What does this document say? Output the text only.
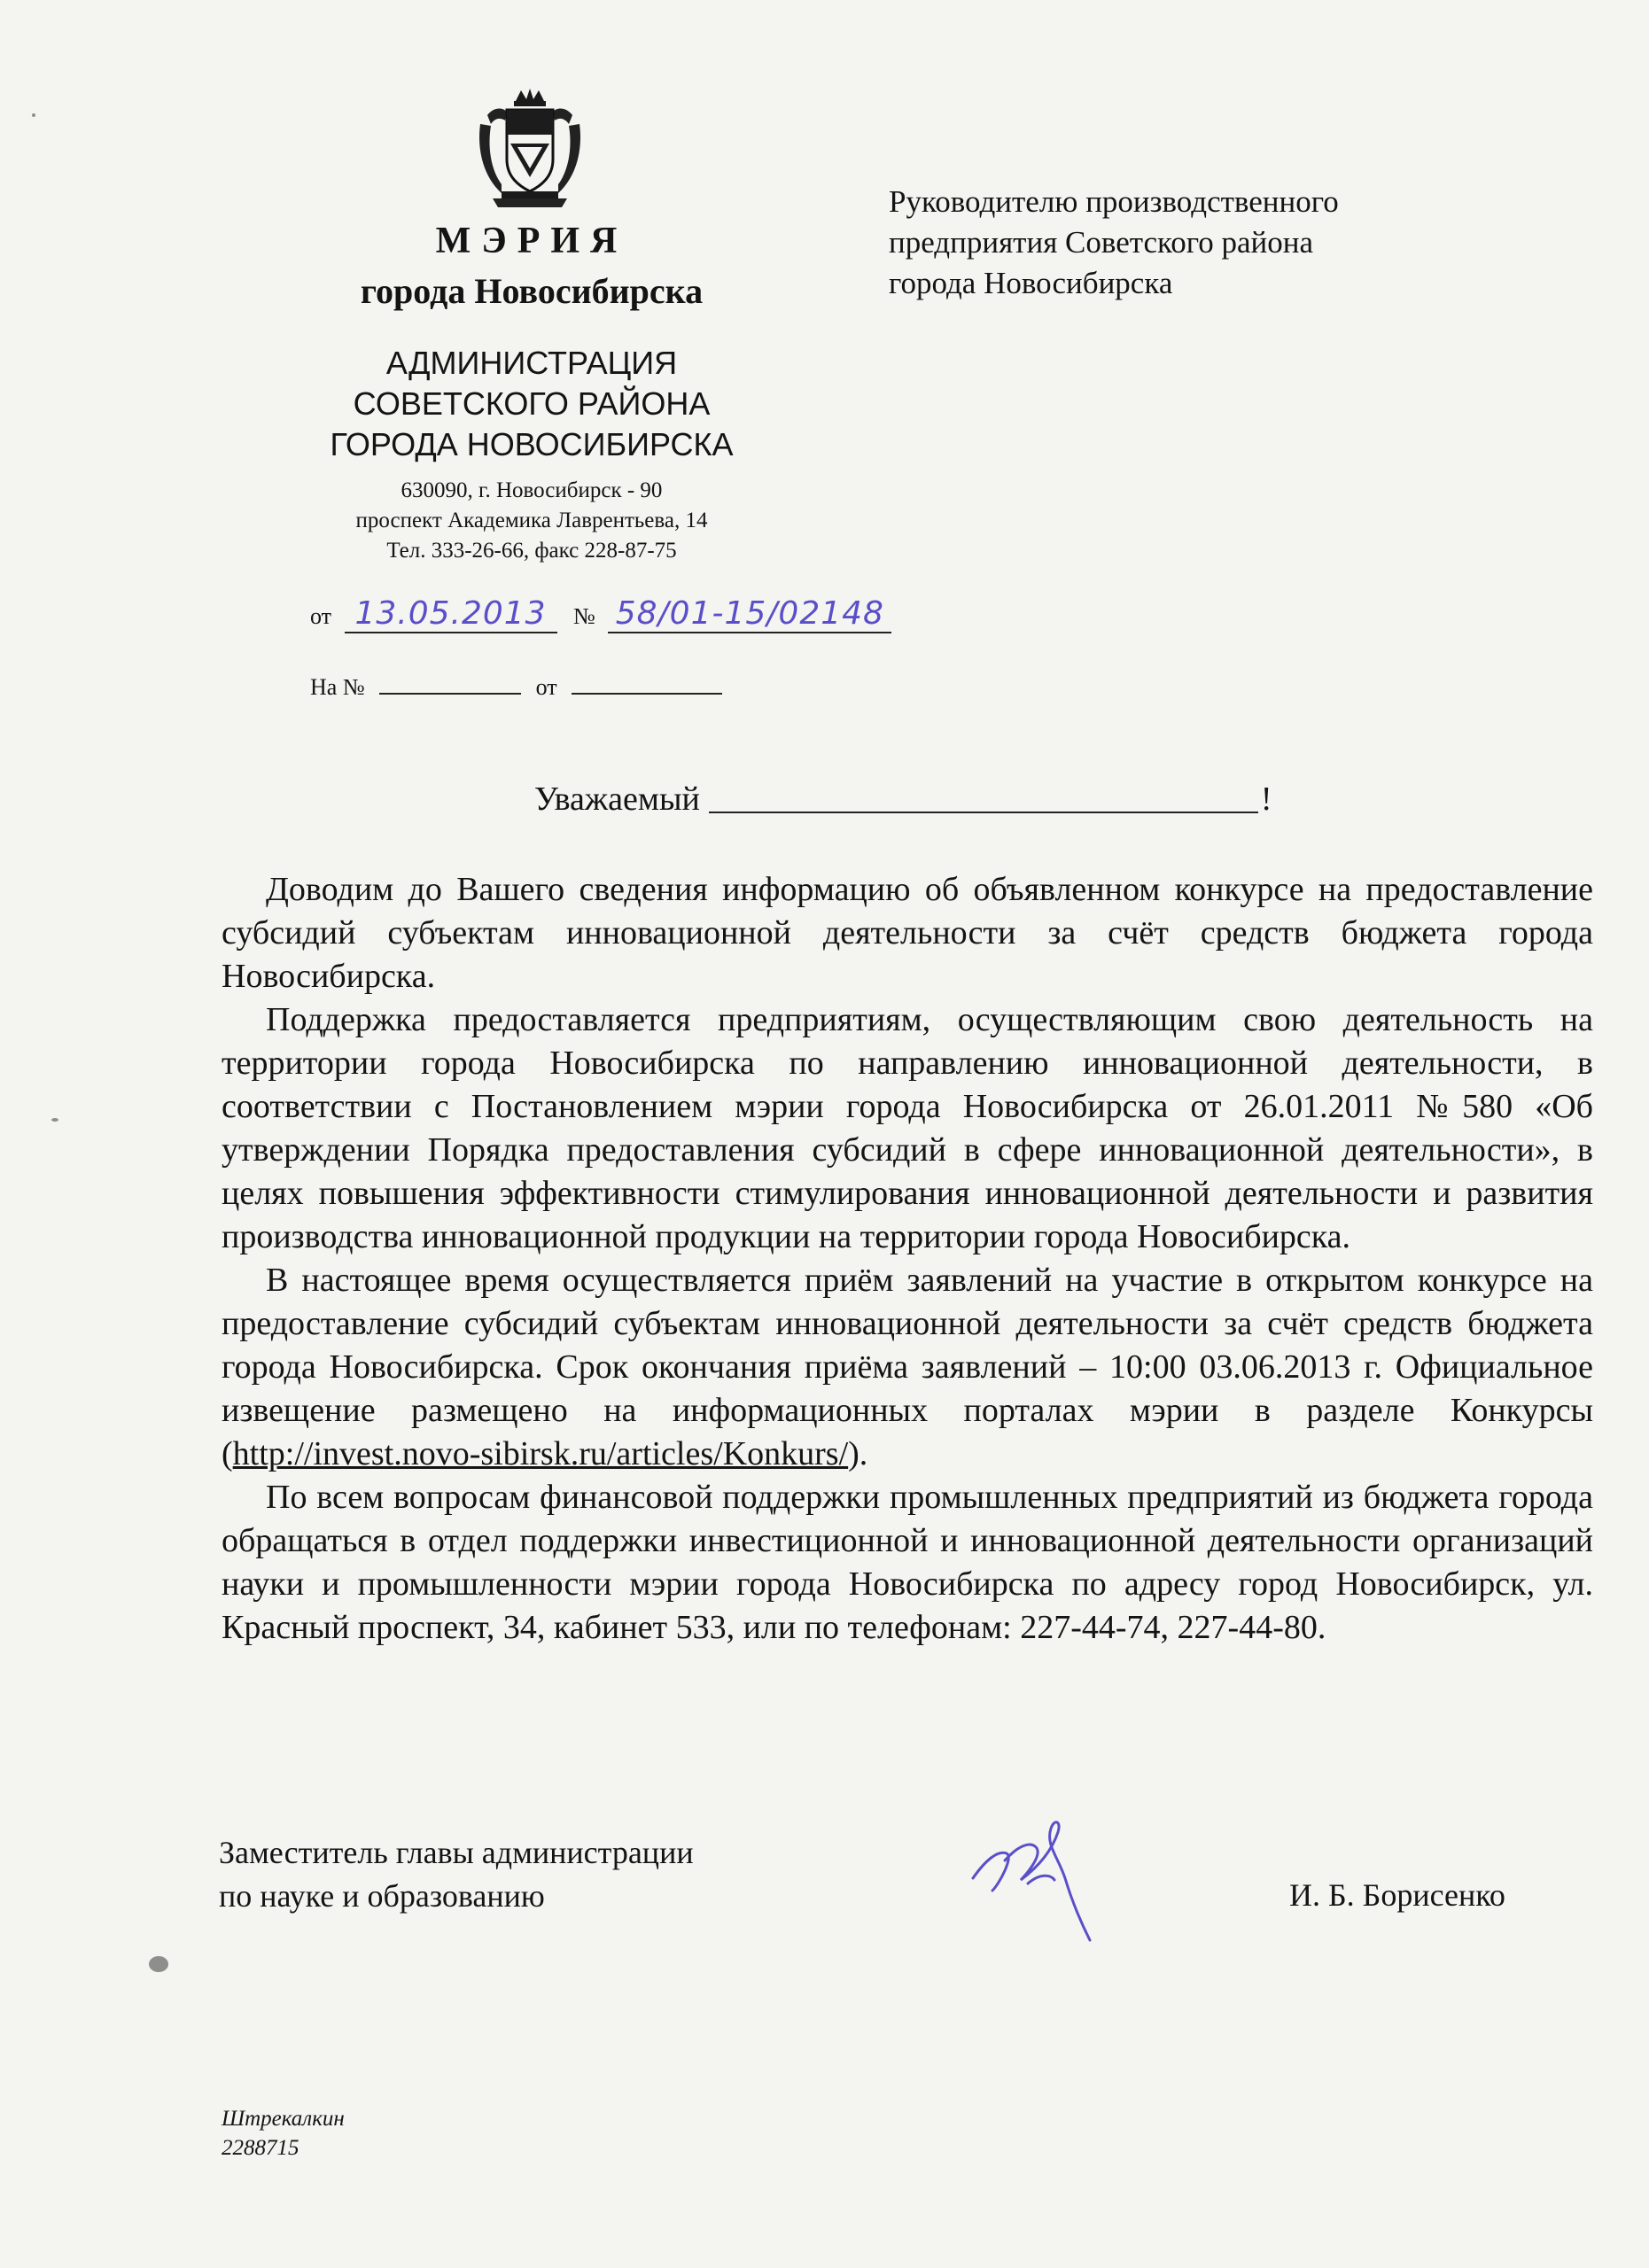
МЭРИЯ
города Новосибирска
АДМИНИСТРАЦИЯ
СОВЕТСКОГО РАЙОНА
ГОРОДА НОВОСИБИРСКА
630090, г. Новосибирск - 90
проспект Академика Лаврентьева, 14
Тел. 333-26-66, факс 228-87-75
от 13.05.2013 № 58/01-15/02148
На №	от
Руководителю производственного
предприятия Советского района
города Новосибирска
Уважаемый	!

Доводим до Вашего сведения информацию об объявленном конкурсе на предоставление субсидий субъектам инновационной деятельности за счёт средств бюджета города Новосибирска.

Поддержка предоставляется предприятиям, осуществляющим свою деятельность на территории города Новосибирска по направлению инновационной деятельности, в соответствии с Постановлением мэрии города Новосибирска от 26.01.2011 №580 «Об утверждении Порядка предоставления субсидий в сфере инновационной деятельности», в целях повышения эффективности стимулирования инновационной деятельности и развития производства инновационной продукции на территории города Новосибирска.

В настоящее время осуществляется приём заявлений на участие в открытом конкурсе на предоставление субсидий субъектам инновационной деятельности за счёт средств бюджета города Новосибирска. Срок окончания приёма заявлений – 10:00 03.06.2013 г. Официальное извещение размещено на информационных порталах мэрии в разделе Конкурсы (http://invest.novo-sibirsk.ru/articles/Konkurs/).

По всем вопросам финансовой поддержки промышленных предприятий из бюджета города обращаться в отдел поддержки инвестиционной и инновационной деятельности организаций науки и промышленности мэрии города Новосибирска по адресу город Новосибирск, ул. Красный проспект, 34, кабинет 533, или по телефонам: 227-44-74, 227-44-80.

Заместитель главы администрации
по науке и образованию	И. Б. Борисенко
Штрекалкин
2288715
